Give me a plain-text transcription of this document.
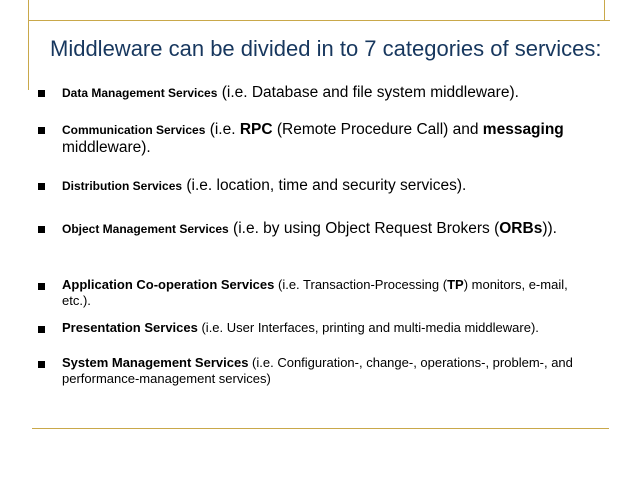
Middleware can be divided in to 7 categories of services:
Data Management Services (i.e. Database and file system middleware).
Communication Services (i.e. RPC (Remote Procedure Call) and messaging middleware).
Distribution Services (i.e. location, time and security services).
Object Management Services (i.e. by using Object Request Brokers (ORBs)).
Application Co-operation Services (i.e. Transaction-Processing (TP) monitors, e-mail, etc.).
Presentation Services (i.e. User Interfaces, printing and multi-media middleware).
System Management Services (i.e. Configuration-, change-, operations-, problem-, and performance-management services)
